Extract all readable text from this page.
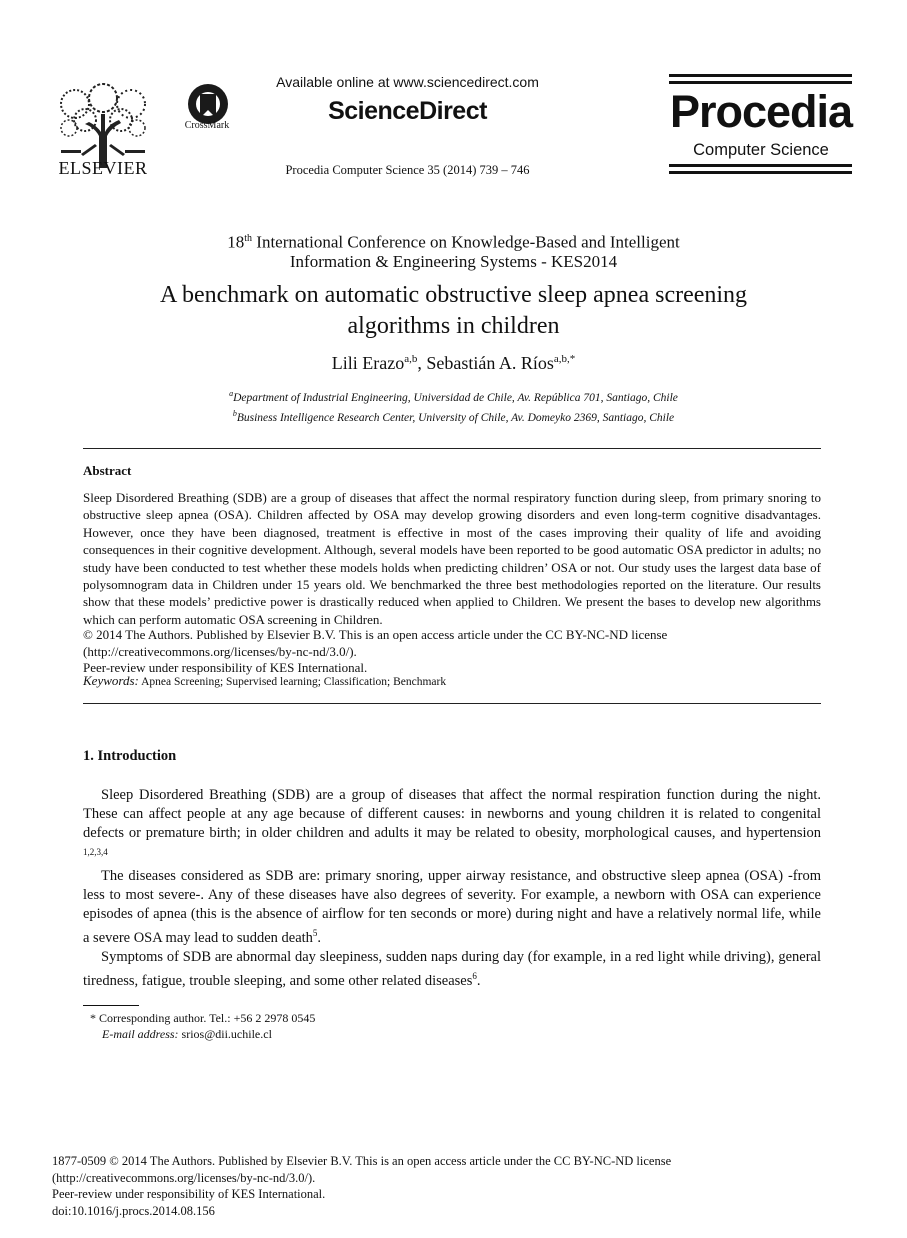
ELSEVIER
CrossMark
Available online at www.sciencedirect.com
ScienceDirect
Procedia Computer Science 35 (2014) 739 – 746
Procedia
Computer Science
18th International Conference on Knowledge-Based and Intelligent
Information & Engineering Systems - KES2014
A benchmark on automatic obstructive sleep apnea screening
algorithms in children
Lili Erazo$^{a,b}$, Sebastián A. Ríos$^{a,b,*}$
$^a$Department of Industrial Engineering, Universidad de Chile, Av. República 701, Santiago, Chile
$^b$Business Intelligence Research Center, University of Chile, Av. Domeyko 2369, Santiago, Chile
Abstract
Sleep Disordered Breathing (SDB) are a group of diseases that affect the normal respiratory function during sleep, from primary snoring to obstructive sleep apnea (OSA). Children affected by OSA may develop growing disorders and even long-term cognitive disadvantages. However, once they have been diagnosed, treatment is effective in most of the cases improving their quality of life and avoiding consequences in their cognitive development. Although, several models have been reported to be good automatic OSA predictor in adults; no study have been conducted to test whether these models holds when predicting children’ OSA or not. Our study uses the largest data base of polysomnogram data in Children under 15 years old. We benchmarked the three best methodologies reported on the literature. Our results show that these models’ predictive power is drastically reduced when applied to Children. We present the bases to develop new algorithms which can perform automatic OSA screening in Children.
© 2014 The Authors. Published by Elsevier B.V. This is an open access article under the CC BY-NC-ND license
(http://creativecommons.org/licenses/by-nc-nd/3.0/).
Peer-review under responsibility of KES International.
Keywords: Apnea Screening; Supervised learning; Classification; Benchmark
1. Introduction

Sleep Disordered Breathing (SDB) are a group of diseases that affect the normal respiration function during the night. These can affect people at any age because of different causes: in newborns and young children it is related to congenital defects or premature birth; in older children and adults it may be related to obesity, morphological causes, and hypertension $^{1,2,3,4}$

The diseases considered as SDB are: primary snoring, upper airway resistance, and obstructive sleep apnea (OSA) -from less to most severe-. Any of these diseases have also degrees of severity. For example, a newborn with OSA can experience episodes of apnea (this is the absence of airflow for ten seconds or more) during night and have a relatively normal life, while a severe OSA may lead to sudden death$^5$.

Symptoms of SDB are abnormal day sleepiness, sudden naps during day (for example, in a red light while driving), general tiredness, fatigue, trouble sleeping, and some other related diseases$^6$.

* Corresponding author. Tel.: +56 2 2978 0545
E-mail address: srios@dii.uchile.cl
1877-0509 © 2014 The Authors. Published by Elsevier B.V. This is an open access article under the CC BY-NC-ND license
(http://creativecommons.org/licenses/by-nc-nd/3.0/).
Peer-review under responsibility of KES International.
doi:10.1016/j.procs.2014.08.156
